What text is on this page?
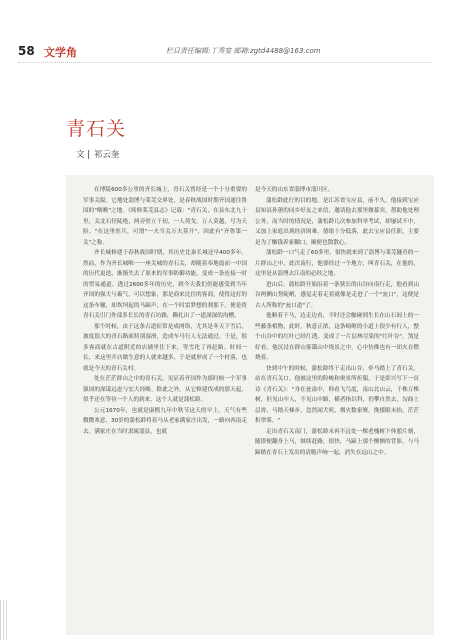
58 文学角	栏目责任编辑:丁秀宴 邮箱:zgtd4488@163.com
青石关
文 | 祁云奎

在博陵600多公里的齐长城上，青石关曾经是一个十分重要的军事关隘。它地处淄博与莱芜交界处，是春秋战国时期齐国通往鲁国的"咽喉"之地。《续修莱芜县志》记载："青石关，在县东北九十里，关北石径陡绝，两旁壁立千仞，一人荷戈，万人莫越，号为天险。"在这里驻兵，可谓"一夫当关万夫莫开"，因此有"齐鲁第一关"之称。

齐长城修建于春秋战国时期，其历史比秦长城还早400多年。然而，作为齐长城唯一一座关城的青石关，却随着奉地震而一中国的历代更迭，渐渐失去了原来的军事防御功能，变成一条连接一时的贸易通道。透过2600多年的历史，到今天我们仍能感受到当年齐国的强大与霸气，可以想象，那是商来比往的客商，使得这打的这条车辙，却坎坷起的马蹄声，在一个时雷梦想的刹那下，便是将青石关引门外部多长长的青石坊路，撕扎出了一道深深的沟槽。

那个时候，由于这条古道征常是成网络，尤其是冬天下雪后，坡度很大的青石路面特别湿滑，造成车马行人无法通过。于是，很多客商就在古道附近的店铺里住下来，等雪化了再赶路。时间一长，来这里开店做生意的人就来越多，于是就形成了一个村落，也就是今天的青石关村。

处在茫茫群山之中的青石关，见证着齐国作为那时候一个军事强国的深谋远虑与宏大经略。除此之外，从它修建伐成的那天起，似乎还在等待一个人的到来，这个人就是蒲松龄。

公元1670年，也就是康熙九年中秋节这天的早上，天气有些微微寒意，30岁的蒲松龄将着马从老家满家庄出发，一路向西南走去。满家庄在当时隶属淄县，也就

是今天的山东省淄博市淄川区。

蒲松龄此行的目的地，是江苏省宝应县，前不久，他接到宝应县知县孙蕙的同乡好友之来信，邀请他去那里做幕宾，帮助他处理公务。而当时的情况是，蒲松龄几次参加科举考试，却屡试不中，又加上家庭出现经济困难，情绪十分低落，此去宝应县任职，主要是为了赚钱养家糊口，顺便也散散心。

蒲松龄一口气走了60多里，很快就来到了淄博与莱芜隧青的一片群山之中，此次南行，他要经过一个地方，叫青石关，在他的，这里是从淄博去江南的必经之地。

进山后，蒲松龄开始沿着一条狭长的山谷向南行走，他看到山谷两侧山势陡峭，感觉走着走着就像是走进了一个"瓮口"，这便是古人所称的"瓮口道"了。

他顺着下马，边走边看，不时还会触碰到生长在山石间上的一些藤条植物，此时，秋意正浓，这条崎岖的小道上很少有行人，整个山谷中的红叶已经红透，变成了一片层林尽染的"红叶谷"，煞是好看，他沉浸在群山雾霭山中绕景之中，心中仿佛也有一团火在燃烧着。

快到中午的时候，蒲松龄终于走出山谷，牵马踏上了青石关，站在青石关口，他被这里的险峻和奥景所折服，于是即兴写下一首诗《青石关》："身在瓮盎中，仰看飞鸟度，南山北山云，千株万株树，但见山中人，不见山中路，横者指以科，仍攀自然去，勾曲上层霄，马踏天梯步，忽然闻犬吠，烟火数家聚，挽援眼未抬，茫茫积翠雾。"

走出青石关南门，蒲松龄未再不远处一棵老槐树下休憩片刻，随即便翻身上马，继续赶路，很快，马蹄上那个颤颤的背影，与马蹄踏在青石上发出的清脆声响一起，消失在远山之中。
